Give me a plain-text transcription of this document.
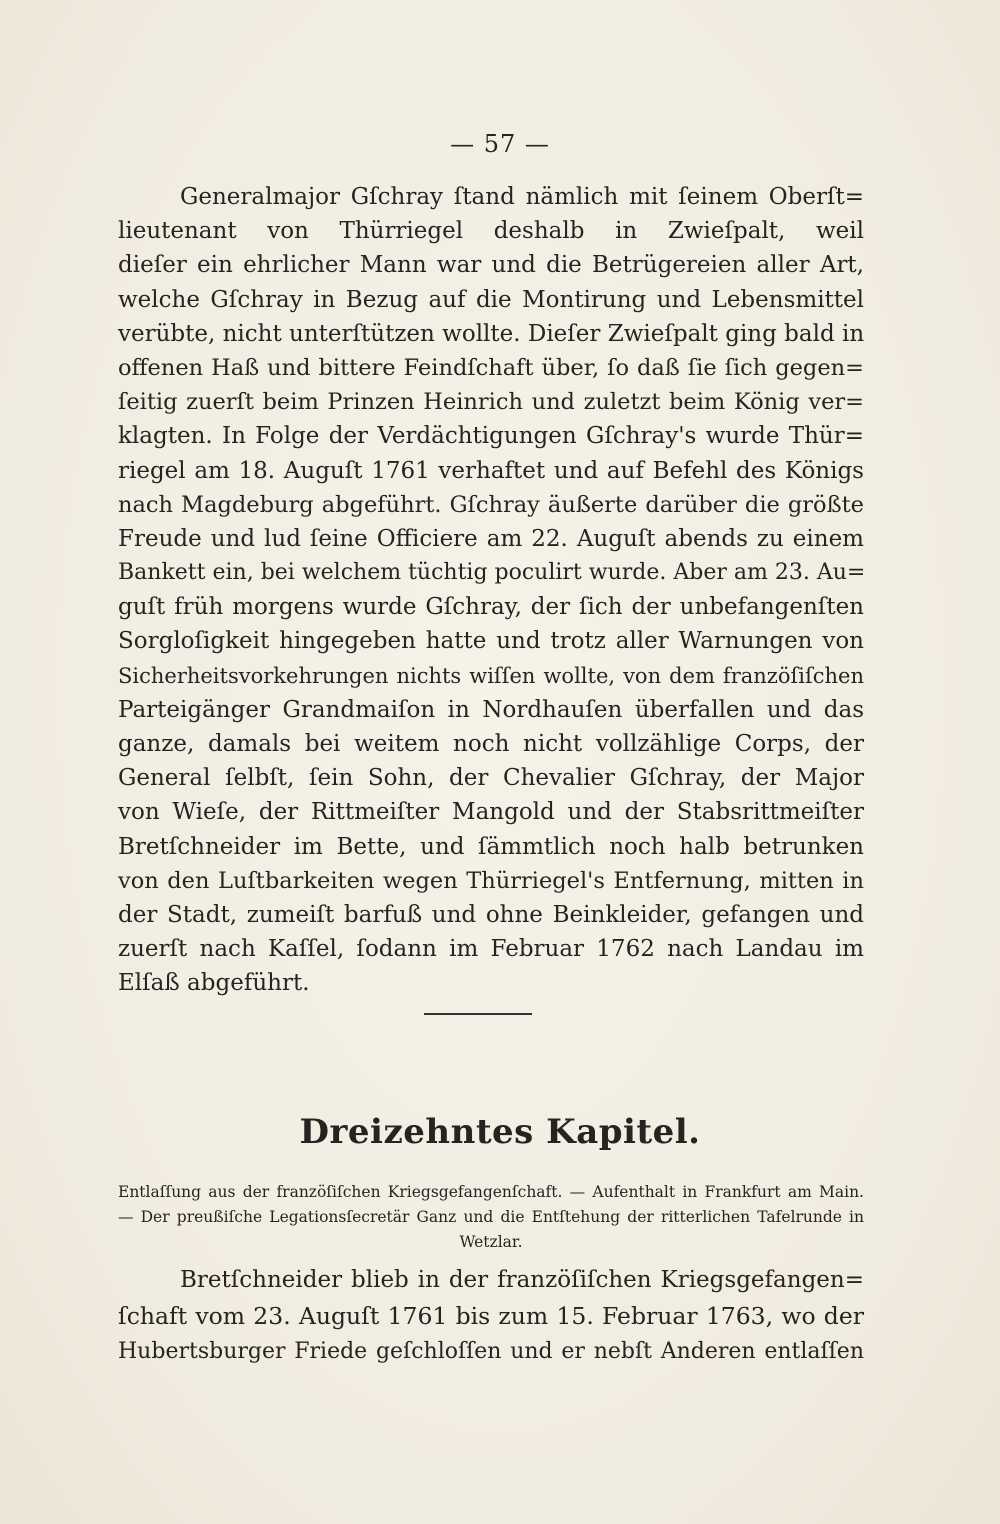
— 57 —
Generalmajor Gſchray ſtand nämlich mit ſeinem Oberſt=
lieutenant von Thürriegel deshalb in Zwieſpalt, weil
dieſer ein ehrlicher Mann war und die Betrügereien aller Art,
welche Gſchray in Bezug auf die Montirung und Lebensmittel
verübte, nicht unterſtützen wollte. Dieſer Zwieſpalt ging bald in
offenen Haß und bittere Feindſchaft über, ſo daß ſie ſich gegen=
ſeitig zuerſt beim Prinzen Heinrich und zuletzt beim König ver=
klagten. In Folge der Verdächtigungen Gſchray's wurde Thür=
riegel am 18. Auguſt 1761 verhaftet und auf Befehl des Königs
nach Magdeburg abgeführt. Gſchray äußerte darüber die größte
Freude und lud ſeine Officiere am 22. Auguſt abends zu einem
Bankett ein, bei welchem tüchtig poculirt wurde. Aber am 23. Au=
guſt früh morgens wurde Gſchray, der ſich der unbefangenſten
Sorgloſigkeit hingegeben hatte und trotz aller Warnungen von
Sicherheitsvorkehrungen nichts wiſſen wollte, von dem franzöſiſchen
Parteigänger Grandmaiſon in Nordhauſen überfallen und das
ganze, damals bei weitem noch nicht vollzählige Corps, der
General ſelbſt, ſein Sohn, der Chevalier Gſchray, der Major
von Wieſe, der Rittmeiſter Mangold und der Stabsrittmeiſter
Bretſchneider im Bette, und ſämmtlich noch halb betrunken
von den Luſtbarkeiten wegen Thürriegel's Entfernung, mitten in
der Stadt, zumeiſt barfuß und ohne Beinkleider, gefangen und
zuerſt nach Kaſſel, ſodann im Februar 1762 nach Landau im
Elſaß abgeführt.
Dreizehntes Kapitel.
Entlaſſung aus der franzöſiſchen Kriegsgefangenſchaft. — Aufenthalt in Frankfurt am Main.
— Der preußiſche Legationsſecretär Ganz und die Entſtehung der ritterlichen Tafelrunde in
Wetzlar.
Bretſchneider blieb in der franzöſiſchen Kriegsgefangen=
ſchaft vom 23. Auguſt 1761 bis zum 15. Februar 1763, wo der
Hubertsburger Friede geſchloſſen und er nebſt Anderen entlaſſen
